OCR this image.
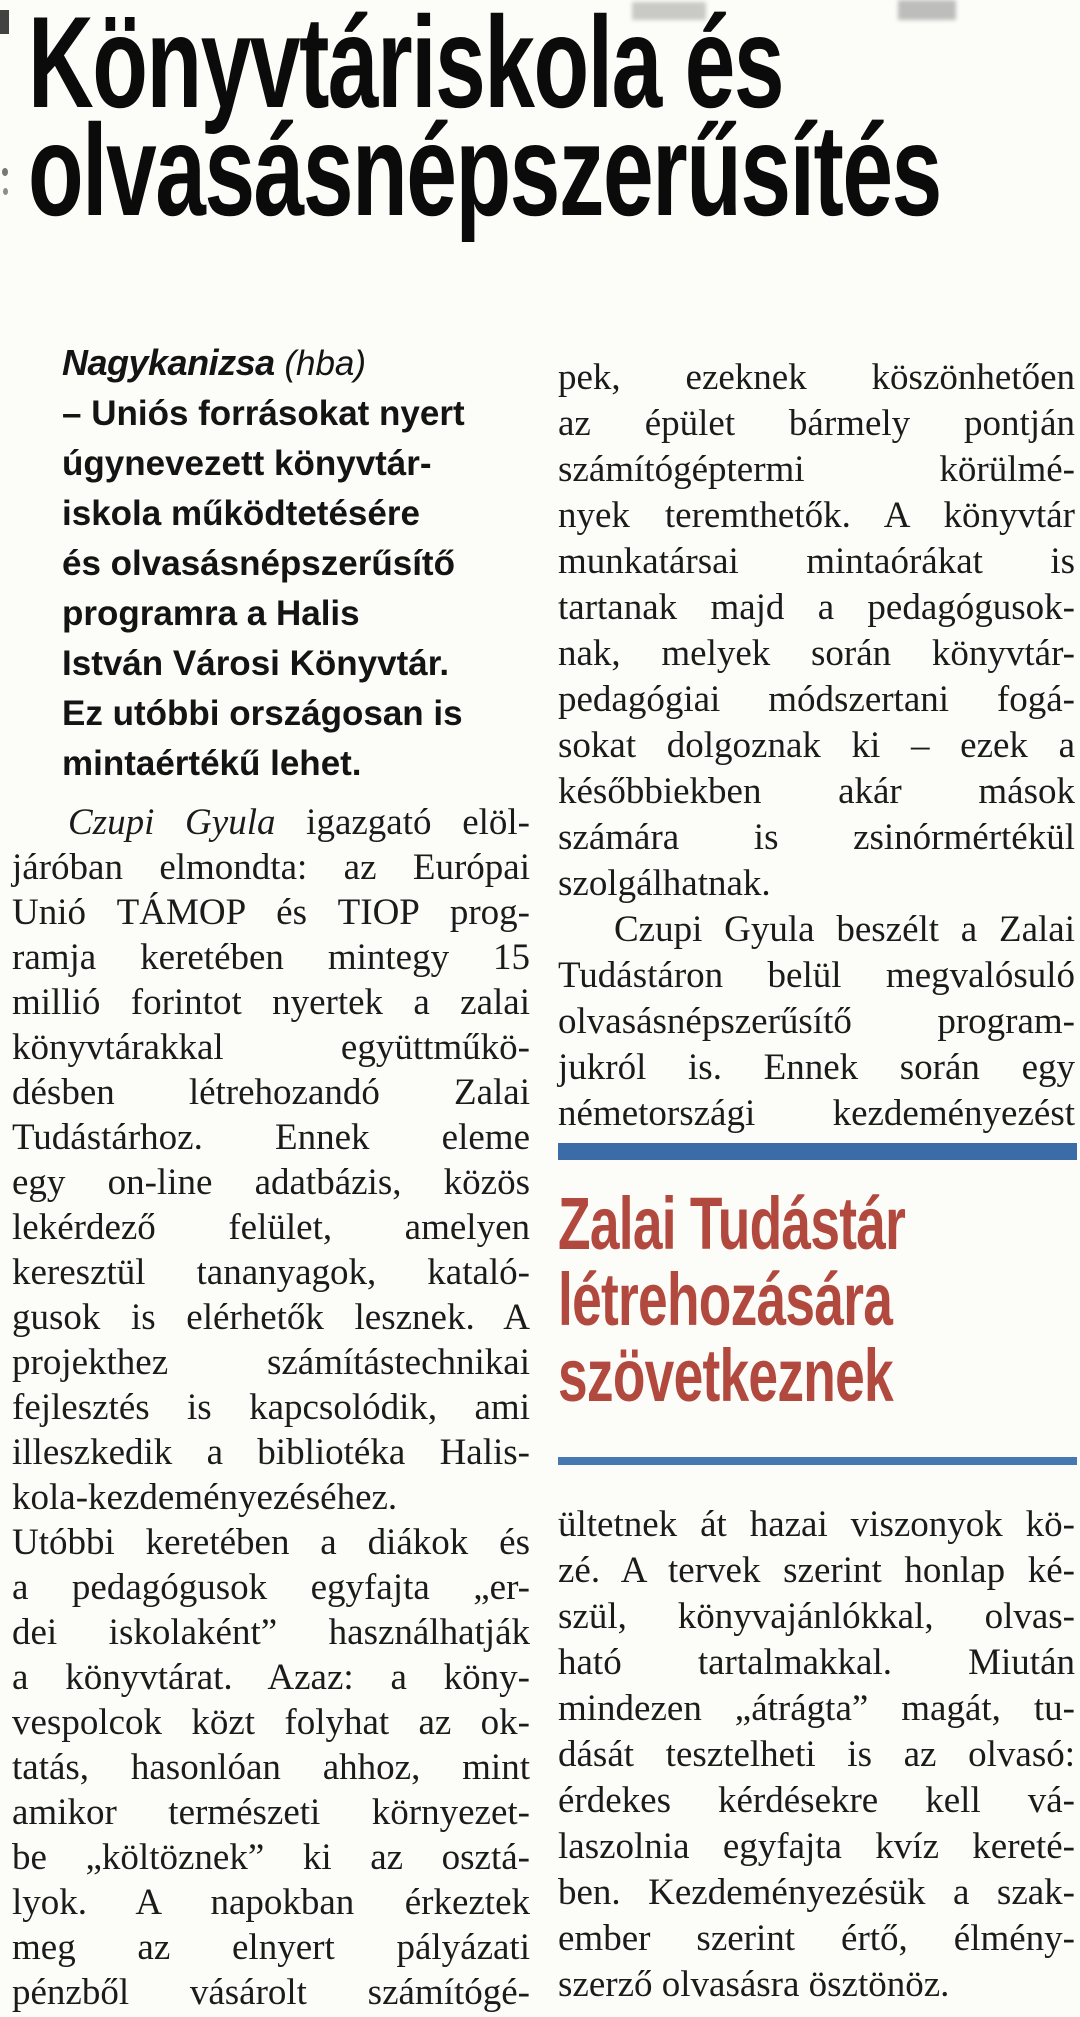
Könyvtáriskola és
olvasásnépszerűsítés
Nagykanizsa (hba)
– Uniós forrásokat nyert
úgynevezett könyvtár-
iskola működtetésére
és olvasásnépszerűsítő
programra a Halis
István Városi Könyvtár.
Ez utóbbi országosan is
mintaértékű lehet.
Czupi Gyula igazgató elöl-
járóban elmondta: az Európai
Unió TÁMOP és TIOP prog-
ramja keretében mintegy 15
millió forintot nyertek a zalai
könyvtárakkal együttműkö-
désben létrehozandó Zalai
Tudástárhoz. Ennek eleme
egy on-line adatbázis, közös
lekérdező felület, amelyen
keresztül tananyagok, kataló-
gusok is elérhetők lesznek. A
projekthez számítástechnikai
fejlesztés is kapcsolódik, ami
illeszkedik a bibliotéka Halis-
kola-kezdeményezéséhez.
Utóbbi keretében a diákok és
a pedagógusok egyfajta „er-
dei iskolaként” használhatják
a könyvtárat. Azaz: a köny-
vespolcok közt folyhat az ok-
tatás, hasonlóan ahhoz, mint
amikor természeti környezet-
be „költöznek” ki az osztá-
lyok. A napokban érkeztek
meg az elnyert pályázati
pénzből vásárolt számítógé-
pek, ezeknek köszönhetően
az épület bármely pontján
számítógéptermi körülmé-
nyek teremthetők. A könyvtár
munkatársai mintaórákat is
tartanak majd a pedagógusok-
nak, melyek során könyvtár-
pedagógiai módszertani fogá-
sokat dolgoznak ki – ezek a
későbbiekben akár mások
számára is zsinórmértékül
szolgálhatnak.
Czupi Gyula beszélt a Zalai
Tudástáron belül megvalósuló
olvasásnépszerűsítő program-
jukról is. Ennek során egy
németországi kezdeményezést
Zalai Tudástár
létrehozására
szövetkeznek
ültetnek át hazai viszonyok kö-
zé. A tervek szerint honlap ké-
szül, könyvajánlókkal, olvas-
ható tartalmakkal. Miután
mindezen „átrágta” magát, tu-
dását tesztelheti is az olvasó:
érdekes kérdésekre kell vá-
laszolnia egyfajta kvíz kereté-
ben. Kezdeményezésük a szak-
ember szerint értő, élmény-
szerző olvasásra ösztönöz.
